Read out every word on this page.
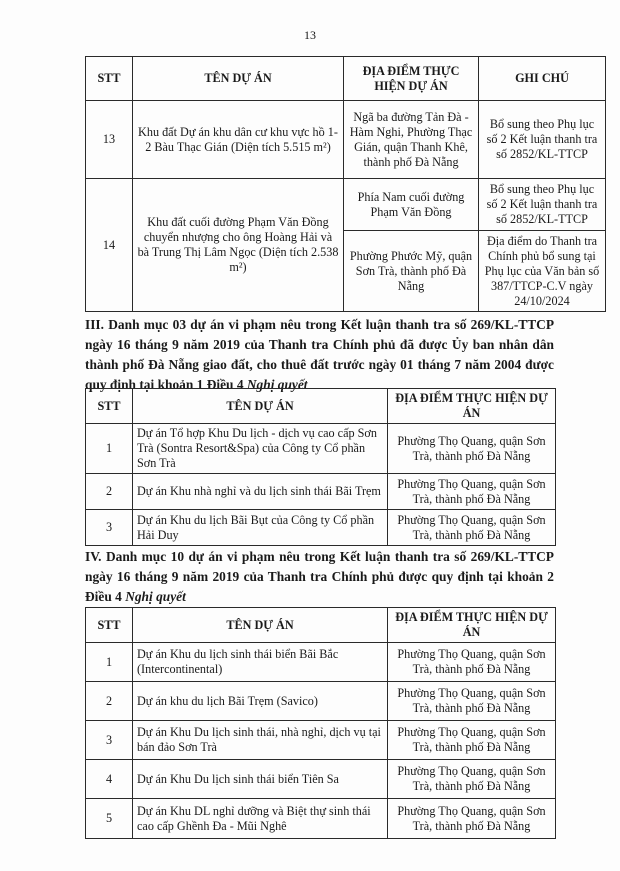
13
STT	TÊN DỰ ÁN	ĐỊA ĐIỂM THỰC HIỆN DỰ ÁN	GHI CHÚ
13	Khu đất Dự án khu dân cư khu vực hồ 1-2 Bàu Thạc Gián (Diện tích 5.515 m²)	Ngã ba đường Tản Đà - Hàm Nghi, Phường Thạc Gián, quận Thanh Khê, thành phố Đà Nẵng	Bổ sung theo Phụ lục số 2 Kết luận thanh tra số 2852/KL-TTCP
14	Khu đất cuối đường Phạm Văn Đồng chuyển nhượng cho ông Hoàng Hải và bà Trung Thị Lâm Ngọc (Diện tích 2.538 m²)	Phía Nam cuối đường Phạm Văn Đồng	Bổ sung theo Phụ lục số 2 Kết luận thanh tra số 2852/KL-TTCP
		Phường Phước Mỹ, quận Sơn Trà, thành phố Đà Nẵng	Địa điểm do Thanh tra Chính phủ bổ sung tại Phụ lục của Văn bản số 387/TTCP-C.V ngày 24/10/2024
III. Danh mục 03 dự án vi phạm nêu trong Kết luận thanh tra số 269/KL-TTCP ngày 16 tháng 9 năm 2019 của Thanh tra Chính phủ đã được Ủy ban nhân dân thành phố Đà Nẵng giao đất, cho thuê đất trước ngày 01 tháng 7 năm 2004 được quy định tại khoản 1 Điều 4 Nghị quyết
STT	TÊN DỰ ÁN	ĐỊA ĐIỂM THỰC HIỆN DỰ ÁN
1	Dự án Tổ hợp Khu Du lịch - dịch vụ cao cấp Sơn Trà (Sontra Resort&Spa) của Công ty Cổ phần Sơn Trà	Phường Thọ Quang, quận Sơn Trà, thành phố Đà Nẵng
2	Dự án Khu nhà nghỉ và du lịch sinh thái Bãi Trẹm	Phường Thọ Quang, quận Sơn Trà, thành phố Đà Nẵng
3	Dự án Khu du lịch Bãi Bụt của Công ty Cổ phần Hải Duy	Phường Thọ Quang, quận Sơn Trà, thành phố Đà Nẵng
IV. Danh mục 10 dự án vi phạm nêu trong Kết luận thanh tra số 269/KL-TTCP ngày 16 tháng 9 năm 2019 của Thanh tra Chính phủ được quy định tại khoản 2 Điều 4 Nghị quyết
STT	TÊN DỰ ÁN	ĐỊA ĐIỂM THỰC HIỆN DỰ ÁN
1	Dự án Khu du lịch sinh thái biển Bãi Bắc (Intercontinental)	Phường Thọ Quang, quận Sơn Trà, thành phố Đà Nẵng
2	Dự án khu du lịch Bãi Trẹm (Savico)	Phường Thọ Quang, quận Sơn Trà, thành phố Đà Nẵng
3	Dự án Khu Du lịch sinh thái, nhà nghỉ, dịch vụ tại bán đảo Sơn Trà	Phường Thọ Quang, quận Sơn Trà, thành phố Đà Nẵng
4	Dự án Khu Du lịch sinh thái biển Tiên Sa	Phường Thọ Quang, quận Sơn Trà, thành phố Đà Nẵng
5	Dự án Khu DL nghỉ dưỡng và Biệt thự sinh thái cao cấp Ghềnh Đa - Mũi Nghê	Phường Thọ Quang, quận Sơn Trà, thành phố Đà Nẵng
